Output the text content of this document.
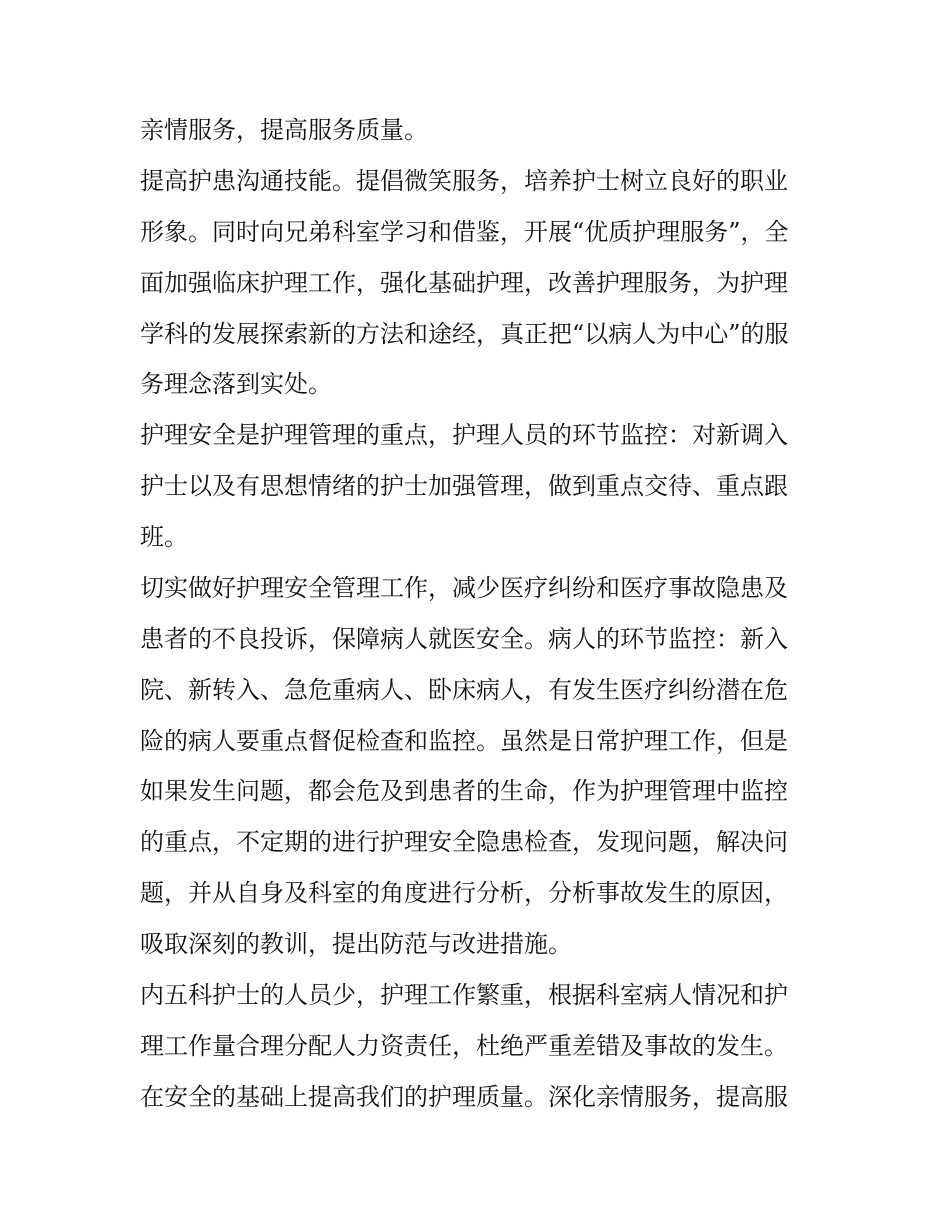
亲情服务，提高服务质量。

提高护患沟通技能。提倡微笑服务，培养护士树立良好的职业

形象。同时向兄弟科室学习和借鉴，开展“优质护理服务”，全

面加强临床护理工作，强化基础护理，改善护理服务，为护理

学科的发展探索新的方法和途经，真正把“以病人为中心”的服

务理念落到实处。

护理安全是护理管理的重点，护理人员的环节监控：对新调入

护士以及有思想情绪的护士加强管理，做到重点交待、重点跟

班。

切实做好护理安全管理工作，减少医疗纠纷和医疗事故隐患及

患者的不良投诉，保障病人就医安全。病人的环节监控：新入

院、新转入、急危重病人、卧床病人，有发生医疗纠纷潜在危

险的病人要重点督促检查和监控。虽然是日常护理工作，但是

如果发生问题，都会危及到患者的生命，作为护理管理中监控

的重点，不定期的进行护理安全隐患检查，发现问题，解决问

题，并从自身及科室的角度进行分析，分析事故发生的原因，

吸取深刻的教训，提出防范与改进措施。

内五科护士的人员少，护理工作繁重，根据科室病人情况和护

理工作量合理分配人力资责任，杜绝严重差错及事故的发生。

在安全的基础上提高我们的护理质量。深化亲情服务，提高服
